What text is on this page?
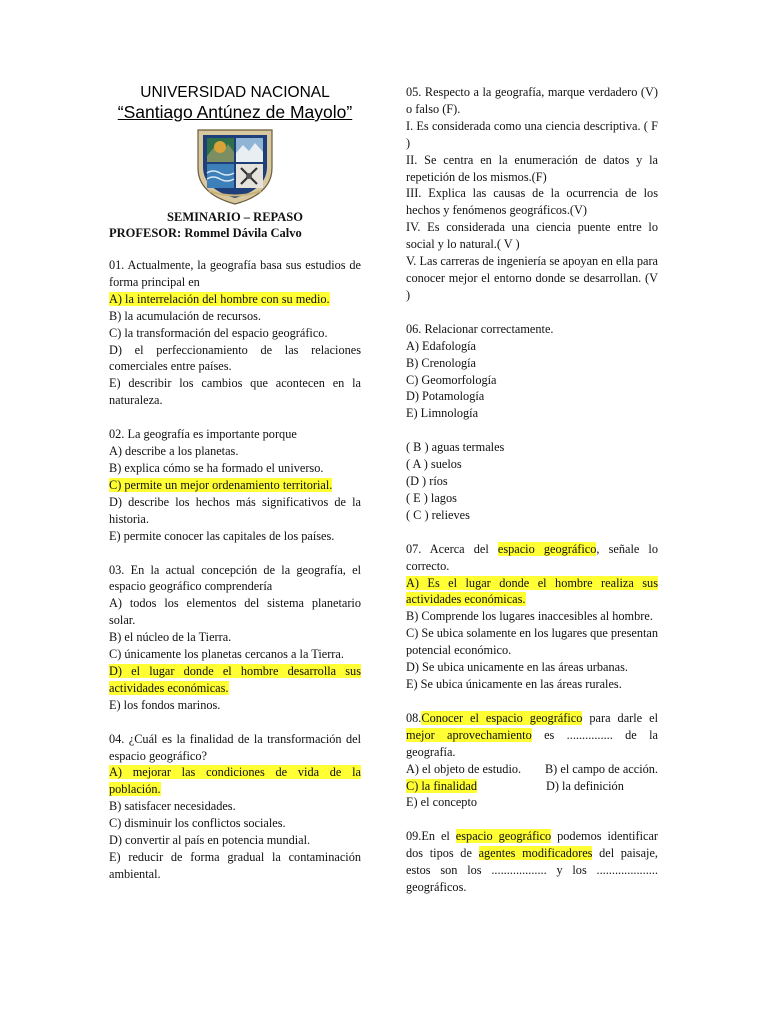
UNIVERSIDAD NACIONAL
“Santiago Antúnez de Mayolo”
SEMINARIO – REPASO
PROFESOR: Rommel Dávila Calvo

01. Actualmente, la geografía basa sus estudios de forma principal en

A) la interrelación del hombre con su medio.

B) la acumulación de recursos.

C) la transformación del espacio geográfico.

D) el perfeccionamiento de las relaciones comerciales entre países.

E) describir los cambios que acontecen en la naturaleza.

02. La geografía es importante porque

A) describe a los planetas.

B) explica cómo se ha formado el universo.

C) permite un mejor ordenamiento territorial.

D) describe los hechos más significativos de la historia.

E) permite conocer las capitales de los países.

03. En la actual concepción de la geografía, el espacio geográfico comprendería

A) todos los elementos del sistema planetario solar.

B) el núcleo de la Tierra.

C) únicamente los planetas cercanos a la Tierra.

D) el lugar donde el hombre desarrolla sus actividades económicas.

E) los fondos marinos.

04. ¿Cuál es la finalidad de la transformación del espacio geográfico?

A) mejorar las condiciones de vida de la población.

B) satisfacer necesidades.

C) disminuir los conflictos sociales.

D) convertir al país en potencia mundial.

E) reducir de forma gradual la contaminación ambiental.

05. Respecto a la geografía, marque verdadero (V) o falso (F).

I. Es considerada como una ciencia descriptiva. ( F )

II. Se centra en la enumeración de datos y la repetición de los mismos.(F)

III. Explica las causas de la ocurrencia de los hechos y fenómenos geográficos.(V)

IV. Es considerada una ciencia puente entre lo social y lo natural.( V )

V. Las carreras de ingeniería se apoyan en ella para conocer mejor el entorno donde se desarrollan. (V )

06. Relacionar correctamente.

A) Edafología

B) Crenología

C) Geomorfología

D) Potamología

E) Limnología

( B ) aguas termales

( A ) suelos

(D ) ríos

( E ) lagos

( C ) relieves

07. Acerca del espacio geográfico, señale lo correcto.

A) Es el lugar donde el hombre realiza sus actividades económicas.

B) Comprende los lugares inaccesibles al hombre.

C) Se ubica solamente en los lugares que presentan potencial económico.

D) Se ubica unicamente en las áreas urbanas.

E) Se ubica únicamente en las áreas rurales.

08.Conocer el espacio geográfico para darle el mejor aprovechamiento es ............... de la geografía.

A) el objeto de estudio. B) el campo de acción.
C) la finalidad	D) la definición

E) el concepto

09.En el espacio geográfico podemos identificar dos tipos de agentes modificadores del paisaje, estos son los .................. y los .................... geográficos.
